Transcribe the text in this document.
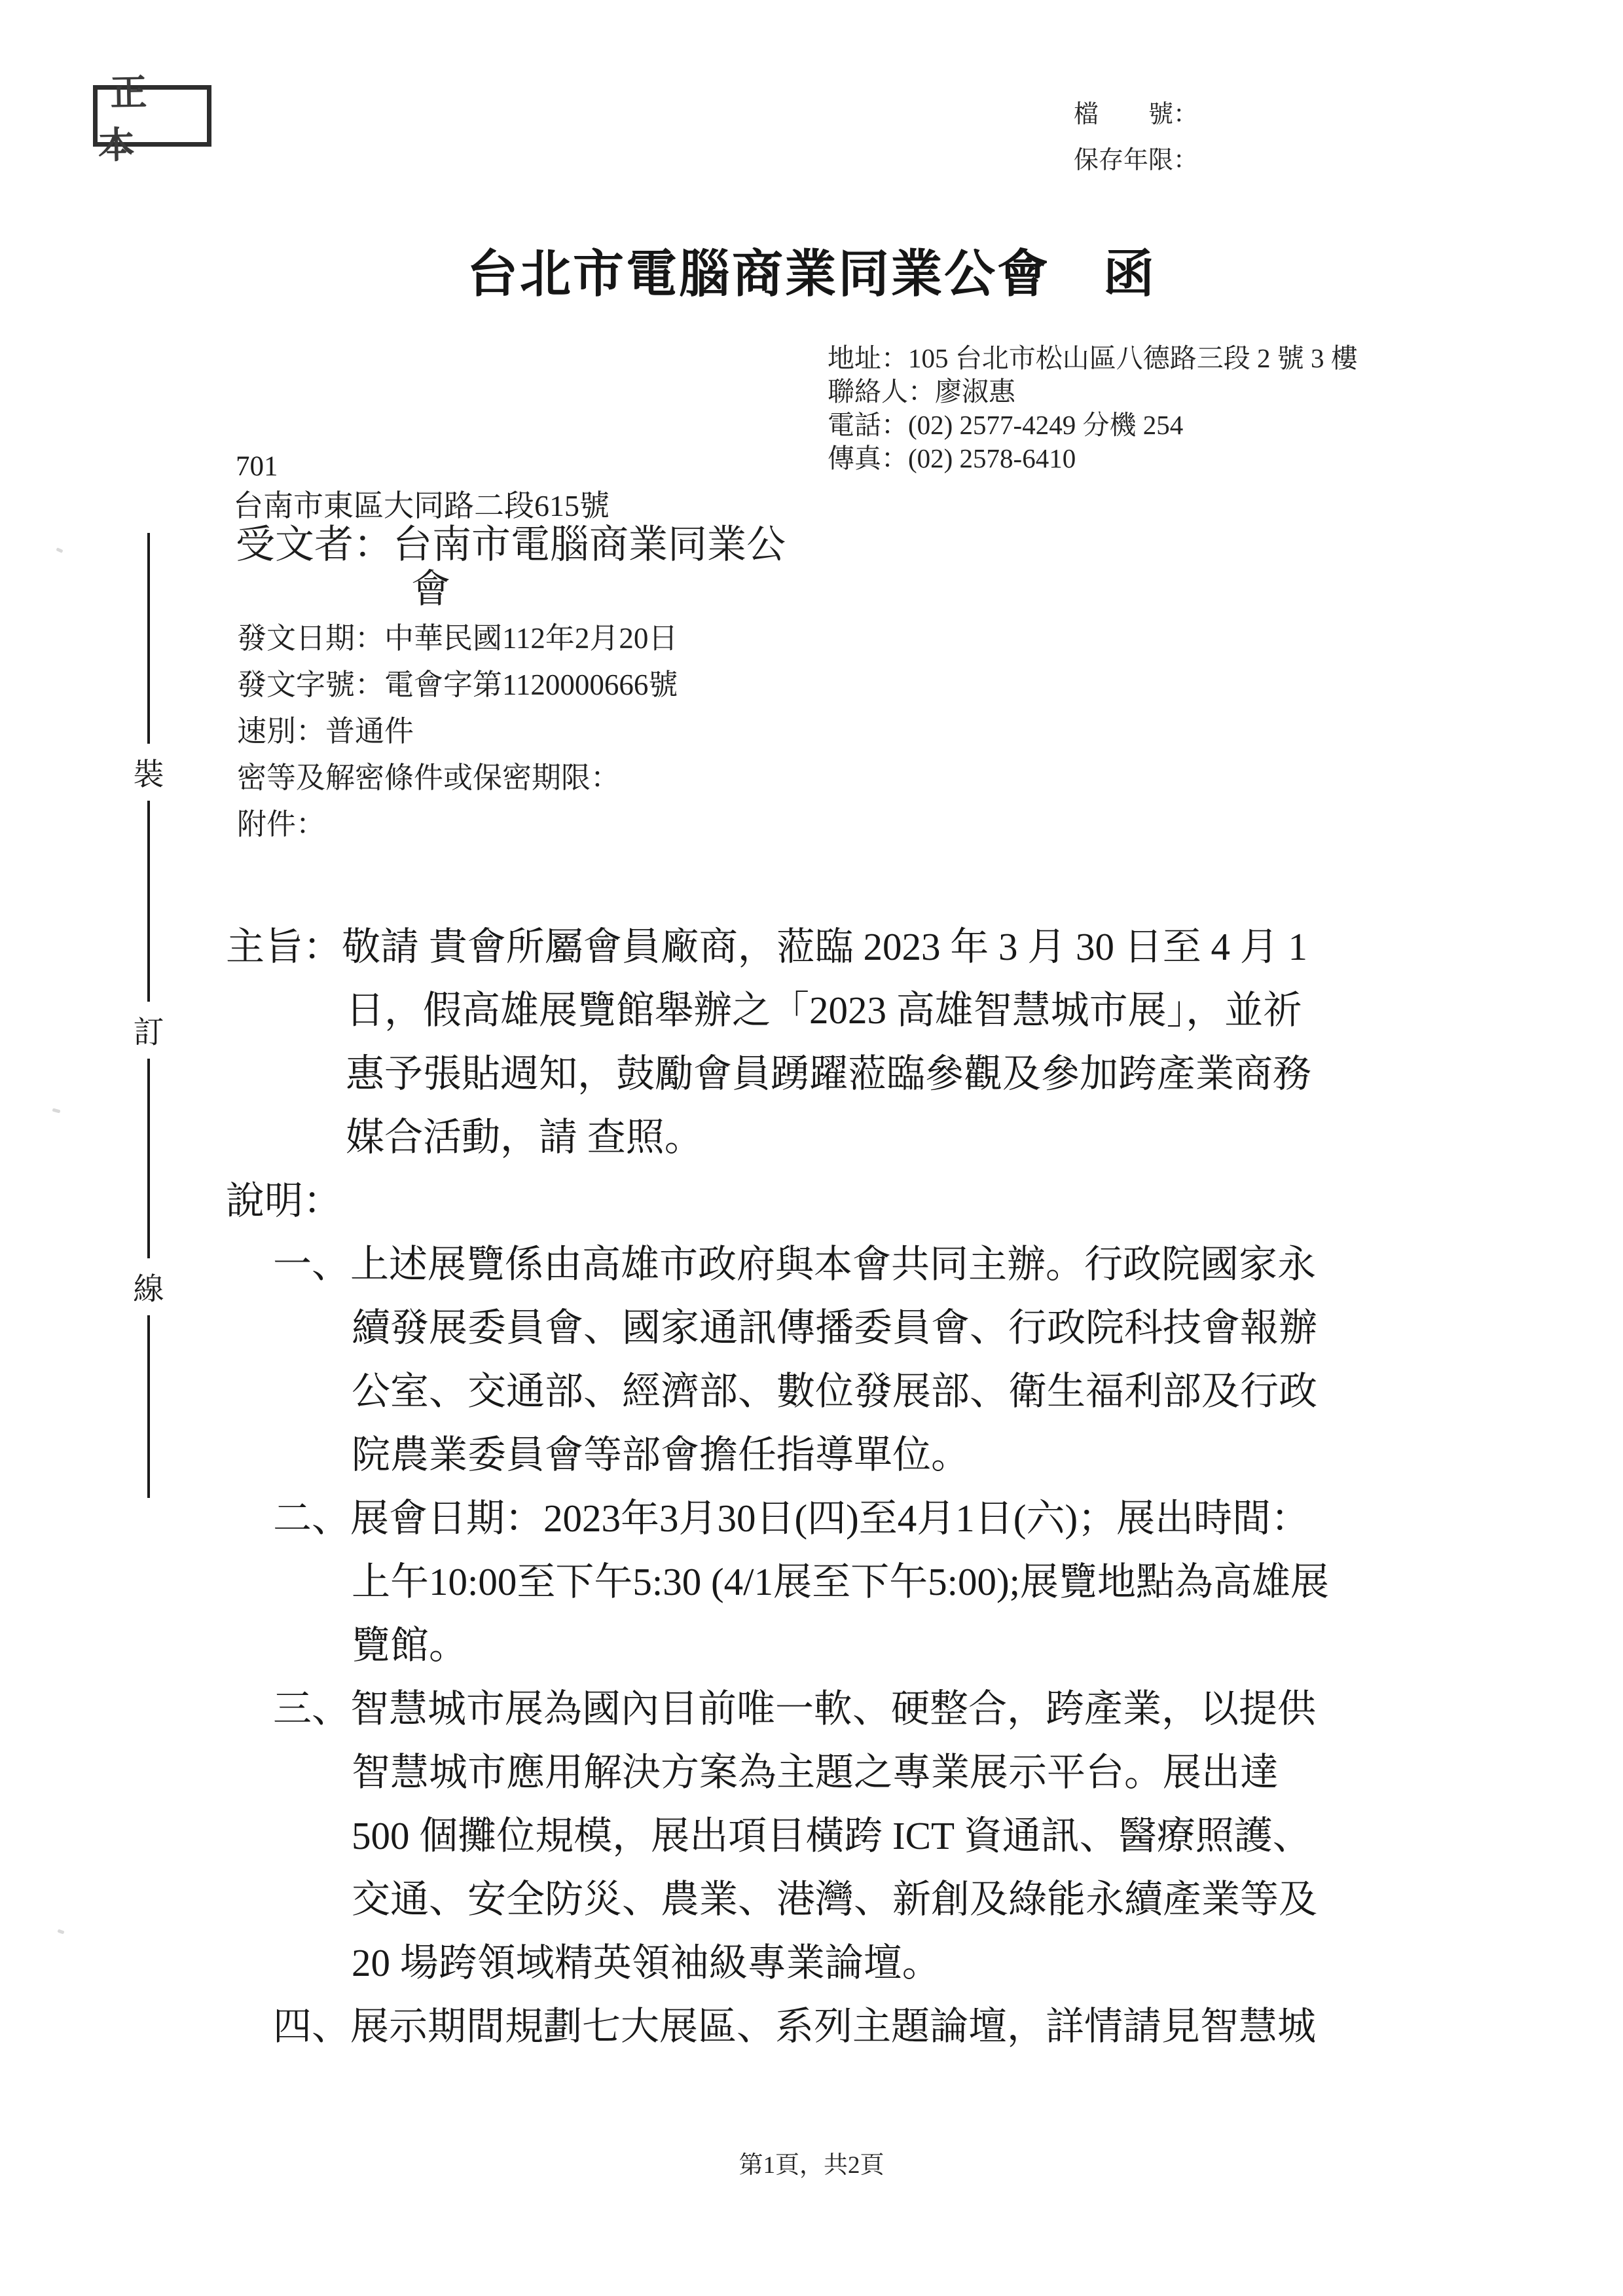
正本
檔　　號：
保存年限：
台北市電腦商業同業公會　函
地址：105 台北市松山區八德路三段 2 號 3 樓
聯絡人：廖淑惠
電話：(02) 2577-4249 分機 254
傳真：(02) 2578-6410
701
台南市東區大同路二段615號
受文者：台南市電腦商業同業公
會
發文日期：中華民國112年2月20日
發文字號：電會字第1120000666號
速別：普通件
密等及解密條件或保密期限：
附件：
主旨：敬請 貴會所屬會員廠商，蒞臨 2023 年 3 月 30 日至 4 月 1
日，假高雄展覽館舉辦之「2023 高雄智慧城市展」，並祈
惠予張貼週知，鼓勵會員踴躍蒞臨參觀及參加跨產業商務
媒合活動，請 查照。
說明：
一、上述展覽係由高雄市政府與本會共同主辦。行政院國家永
續發展委員會、國家通訊傳播委員會、行政院科技會報辦
公室、交通部、經濟部、數位發展部、衛生福利部及行政
院農業委員會等部會擔任指導單位。
二、展會日期：2023年3月30日(四)至4月1日(六)；展出時間：
上午10:00至下午5:30 (4/1展至下午5:00);展覽地點為高雄展
覽館。
三、智慧城市展為國內目前唯一軟、硬整合，跨產業，以提供
智慧城市應用解決方案為主題之專業展示平台。展出達
500 個攤位規模，展出項目橫跨 ICT 資通訊、醫療照護、
交通、安全防災、農業、港灣、新創及綠能永續產業等及
20 場跨領域精英領袖級專業論壇。
四、展示期間規劃七大展區、系列主題論壇，詳情請見智慧城
裝
訂
線
第1頁，共2頁
